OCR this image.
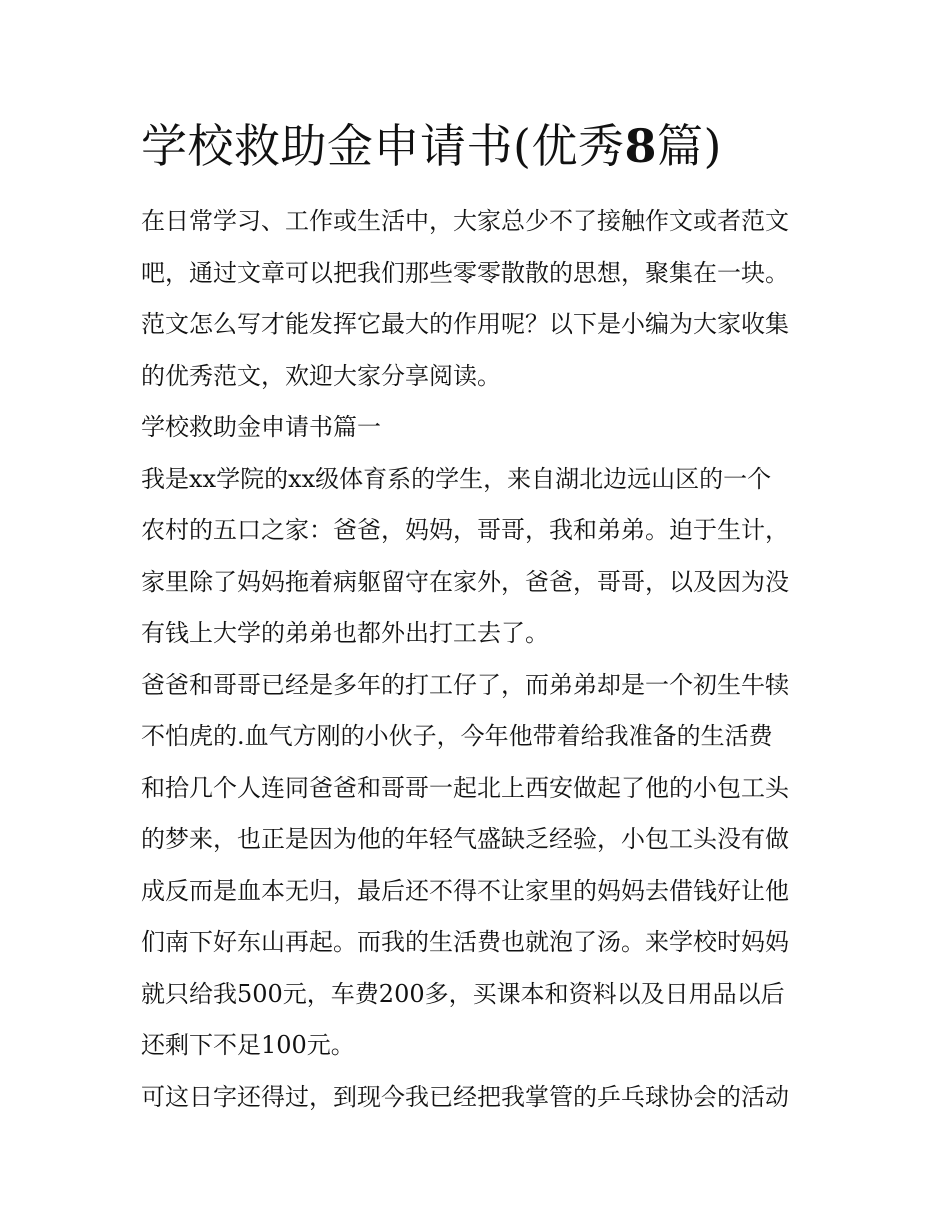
学校救助金申请书(优秀8篇)
在日常学习、工作或生活中，大家总少不了接触作文或者范文
吧，通过文章可以把我们那些零零散散的思想，聚集在一块。
范文怎么写才能发挥它最大的作用呢？以下是小编为大家收集
的优秀范文，欢迎大家分享阅读。
学校救助金申请书篇一
我是xx学院的xx级体育系的学生，来自湖北边远山区的一个
农村的五口之家：爸爸，妈妈，哥哥，我和弟弟。迫于生计，
家里除了妈妈拖着病躯留守在家外，爸爸，哥哥，以及因为没
有钱上大学的弟弟也都外出打工去了。
爸爸和哥哥已经是多年的打工仔了，而弟弟却是一个初生牛犊
不怕虎的.血气方刚的小伙子，今年他带着给我准备的生活费
和拾几个人连同爸爸和哥哥一起北上西安做起了他的小包工头
的梦来，也正是因为他的年轻气盛缺乏经验，小包工头没有做
成反而是血本无归，最后还不得不让家里的妈妈去借钱好让他
们南下好东山再起。而我的生活费也就泡了汤。来学校时妈妈
就只给我500元，车费200多，买课本和资料以及日用品以后
还剩下不足100元。
可这日字还得过，到现今我已经把我掌管的乒乓球协会的活动
